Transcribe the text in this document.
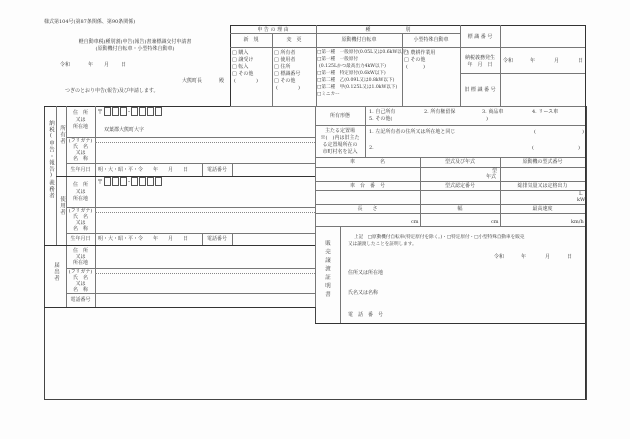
様式第104号(第87条関係、第90条関係)
軽自動車税(種別割)申告(報告)書兼標識交付申請書
(原動機付自転車・小型特殊自動車)
令和	年 月 日
大熊町長	殿
つぎのとおり申告(報告)及び申請します。
申 告 の 理 由
新　規	変　更
□ 購入
□ 譲受け
□ 転入
□ その他
(　　　　)
□ 所有者
□ 使用者
□ 住所
□ 標識番号
□ その他
(　　　　)
種　　　　　　　別
原動機付自転車	小型特殊自動車
□第一種　一般原付(0.05L又は0.6kW以下)
□第一種　一般原付
(0.125Lかつ最高出力4kW以下)
□第一種　特定原付(0.6kW以下)
□第二種　乙(0.09L又は0.8kW以下)
□第二種　甲(0.125L又は1.0kW以下)
□ミニカー
□ 農耕作業用
□ その他
(　　　)
標 識 番 号
納税義務発生
年　月　日
令和	年	月	日
旧 標 識 番 号
納税(申告・報告)義務者 所有者
使用者
届出者
住　所
又は
所在地
〒	-
双葉郡大熊町大字
(フリガナ)
氏　名
又は
名　称
生年月日	明・大・昭・平・令　　年　　月　　日	電話番号
住　所
又は
所在地
〒	-
(フリガナ)
氏　名
又は
名　称
生年月日	明・大・昭・平・令　　年　　月　　日	電話番号
住　所
又は
所在地
(フリガナ)
氏　名
又は
名　称
電話番号
所有形態
1. 自己所有	2. 所有権留保	3. 商品車	4. リース車
5. その他(	)
主たる定置場
※(　)内は旧主た
る定置場所在の
市町村名を記入
1. 左記所有者の住所又は所在地と同じ	(	)
2.	(	)
車　　　　　名	型式及び年式	原動機の型式番号
型
年式
車　台　番　号	型式認定番号	総排気量又は定格出力
L
kW
長　　さ	幅	最高速度
cm	cm	km/h
販売譲渡証明書
上記　□原動機付自転車(特定原付を除く。)・□特定原付・□小型特殊自動車を販売
又は譲渡したことを証明します。
令和	年	月	日
住所又は所在地
氏名又は名称
電　話　番　号
